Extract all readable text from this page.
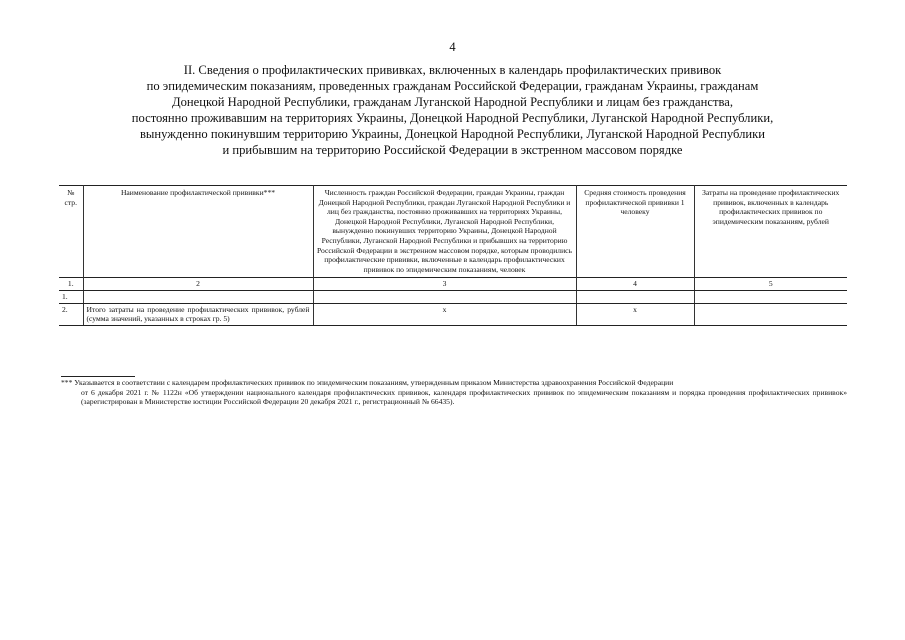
4
II. Сведения о профилактических прививках, включенных в календарь профилактических прививок
по эпидемическим показаниям, проведенных гражданам Российской Федерации, гражданам Украины, гражданам
Донецкой Народной Республики, гражданам Луганской Народной Республики и лицам без гражданства,
постоянно проживавшим на территориях Украины, Донецкой Народной Республики, Луганской Народной Республики,
вынужденно покинувшим территорию Украины, Донецкой Народной Республики, Луганской Народной Республики
и прибывшим на территорию Российской Федерации в экстренном массовом порядке
№ стр.	Наименование профилактической прививки***	Численность граждан Российской Федерации, граждан Украины, граждан Донецкой Народной Республики, граждан Луганской Народной Республики и лиц без гражданства, постоянно проживавших на территориях Украины, Донецкой Народной Республики, Луганской Народной Республики, вынужденно покинувших территорию Украины, Донецкой Народной Республики, Луганской Народной Республики и прибывших на территорию Российской Федерации в экстренном массовом порядке, которым проводились профилактические прививки, включенные в календарь профилактических прививок по эпидемическим показаниям, человек	Средняя стоимость проведения профилактической прививки 1 человеку	Затраты на проведение профилактических прививок, включенных в календарь профилактических прививок по эпидемическим показаниям, рублей
1.	2	3	4	5
1.				
2.	Итого затраты на проведение профилактических прививок, рублей (сумма значений, указанных в строках гр. 5)	x	x	
*** Указывается в соответствии с календарем профилактических прививок по эпидемическим показаниям, утвержденным приказом Министерства здравоохранения Российской Федерации
от 6 декабря 2021 г. № 1122н «Об утверждении национального календаря профилактических прививок, календаря профилактических прививок по эпидемическим показаниям и порядка проведения профилактических прививок» (зарегистрирован в Министерстве юстиции Российской Федерации 20 декабря 2021 г., регистрационный № 66435).
